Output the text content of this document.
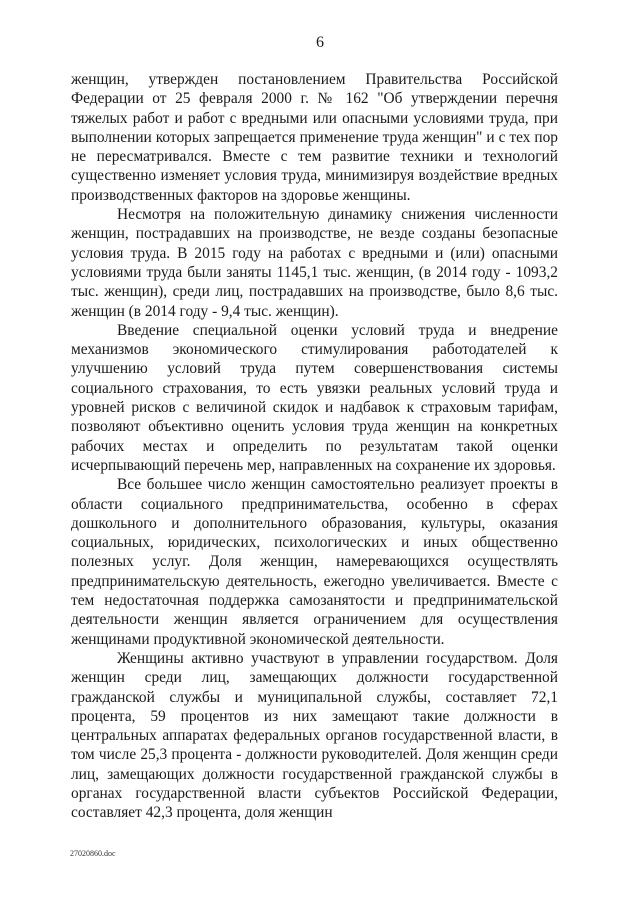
6

женщин, утвержден постановлением Правительства Российской Федерации от 25 февраля 2000 г. № 162 "Об утверждении перечня тяжелых работ и работ с вредными или опасными условиями труда, при выполнении которых запрещается применение труда женщин" и с тех пор не пересматривался. Вместе с тем развитие техники и технологий существенно изменяет условия труда, минимизируя воздействие вредных производственных факторов на здоровье женщины.

Несмотря на положительную динамику снижения численности женщин, пострадавших на производстве, не везде созданы безопасные условия труда. В 2015 году на работах с вредными и (или) опасными условиями труда были заняты 1145,1 тыс. женщин, (в 2014 году - 1093,2 тыс. женщин), среди лиц, пострадавших на производстве, было 8,6 тыс. женщин (в 2014 году - 9,4 тыс. женщин).

Введение специальной оценки условий труда и внедрение механизмов экономического стимулирования работодателей к улучшению условий труда путем совершенствования системы социального страхования, то есть увязки реальных условий труда и уровней рисков с величиной скидок и надбавок к страховым тарифам, позволяют объективно оценить условия труда женщин на конкретных рабочих местах и определить по результатам такой оценки исчерпывающий перечень мер, направленных на сохранение их здоровья.

Все большее число женщин самостоятельно реализует проекты в области социального предпринимательства, особенно в сферах дошкольного и дополнительного образования, культуры, оказания социальных, юридических, психологических и иных общественно полезных услуг. Доля женщин, намеревающихся осуществлять предпринимательскую деятельность, ежегодно увеличивается. Вместе с тем недостаточная поддержка самозанятости и предпринимательской деятельности женщин является ограничением для осуществления женщинами продуктивной экономической деятельности.

Женщины активно участвуют в управлении государством. Доля женщин среди лиц, замещающих должности государственной гражданской службы и муниципальной службы, составляет 72,1 процента, 59 процентов из них замещают такие должности в центральных аппаратах федеральных органов государственной власти, в том числе 25,3 процента - должности руководителей. Доля женщин среди лиц, замещающих должности государственной гражданской службы в органах государственной власти субъектов Российской Федерации, составляет 42,3 процента, доля женщин

27020860.doc
